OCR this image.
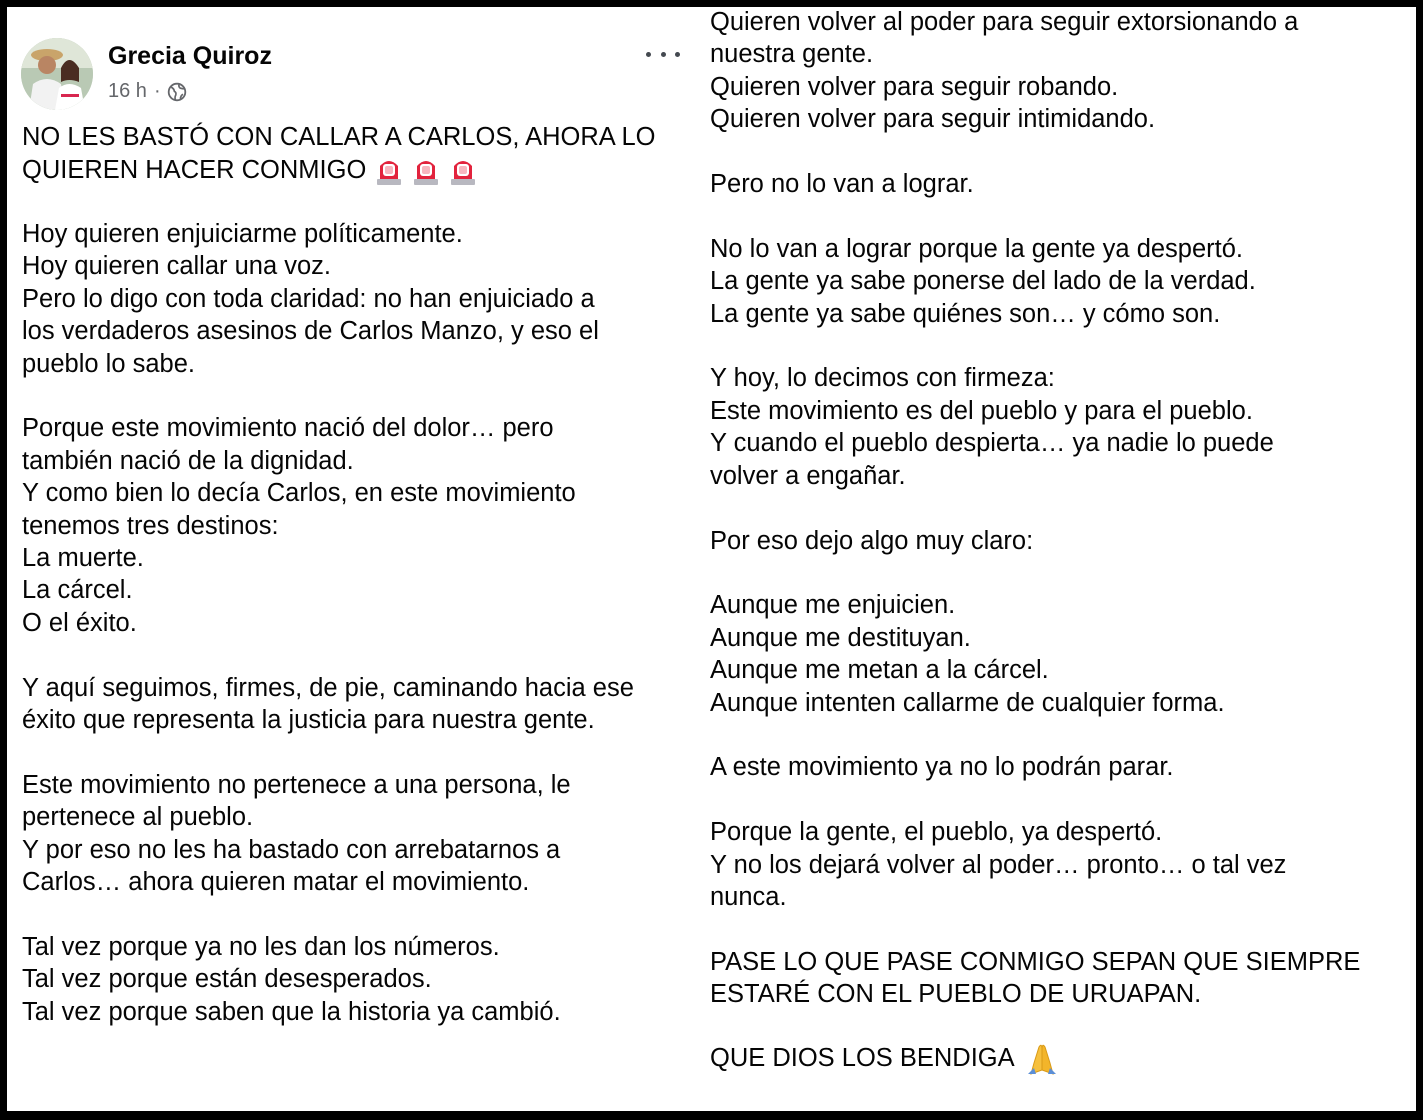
Grecia Quiroz
16 h ·
NO LES BASTÓ CON CALLAR A CARLOS, AHORA LO
QUIEREN HACER CONMIGO

Hoy quieren enjuiciarme políticamente.
Hoy quieren callar una voz.
Pero lo digo con toda claridad: no han enjuiciado a
los verdaderos asesinos de Carlos Manzo, y eso el
pueblo lo sabe.

Porque este movimiento nació del dolor… pero
también nació de la dignidad.
Y como bien lo decía Carlos, en este movimiento
tenemos tres destinos:
La muerte.
La cárcel.
O el éxito.

Y aquí seguimos, firmes, de pie, caminando hacia ese
éxito que representa la justicia para nuestra gente.

Este movimiento no pertenece a una persona, le
pertenece al pueblo.
Y por eso no les ha bastado con arrebatarnos a
Carlos… ahora quieren matar el movimiento.

Tal vez porque ya no les dan los números.
Tal vez porque están desesperados.
Tal vez porque saben que la historia ya cambió.

Quieren volver al poder para seguir extorsionando a
nuestra gente.
Quieren volver para seguir robando.
Quieren volver para seguir intimidando.

Pero no lo van a lograr.

No lo van a lograr porque la gente ya despertó.
La gente ya sabe ponerse del lado de la verdad.
La gente ya sabe quiénes son… y cómo son.

Y hoy, lo decimos con firmeza:
Este movimiento es del pueblo y para el pueblo.
Y cuando el pueblo despierta… ya nadie lo puede
volver a engañar.

Por eso dejo algo muy claro:

Aunque me enjuicien.
Aunque me destituyan.
Aunque me metan a la cárcel.
Aunque intenten callarme de cualquier forma.

A este movimiento ya no lo podrán parar.

Porque la gente, el pueblo, ya despertó.
Y no los dejará volver al poder… pronto… o tal vez
nunca.

PASE LO QUE PASE CONMIGO SEPAN QUE SIEMPRE
ESTARÉ CON EL PUEBLO DE URUAPAN.

QUE DIOS LOS BENDIGA
